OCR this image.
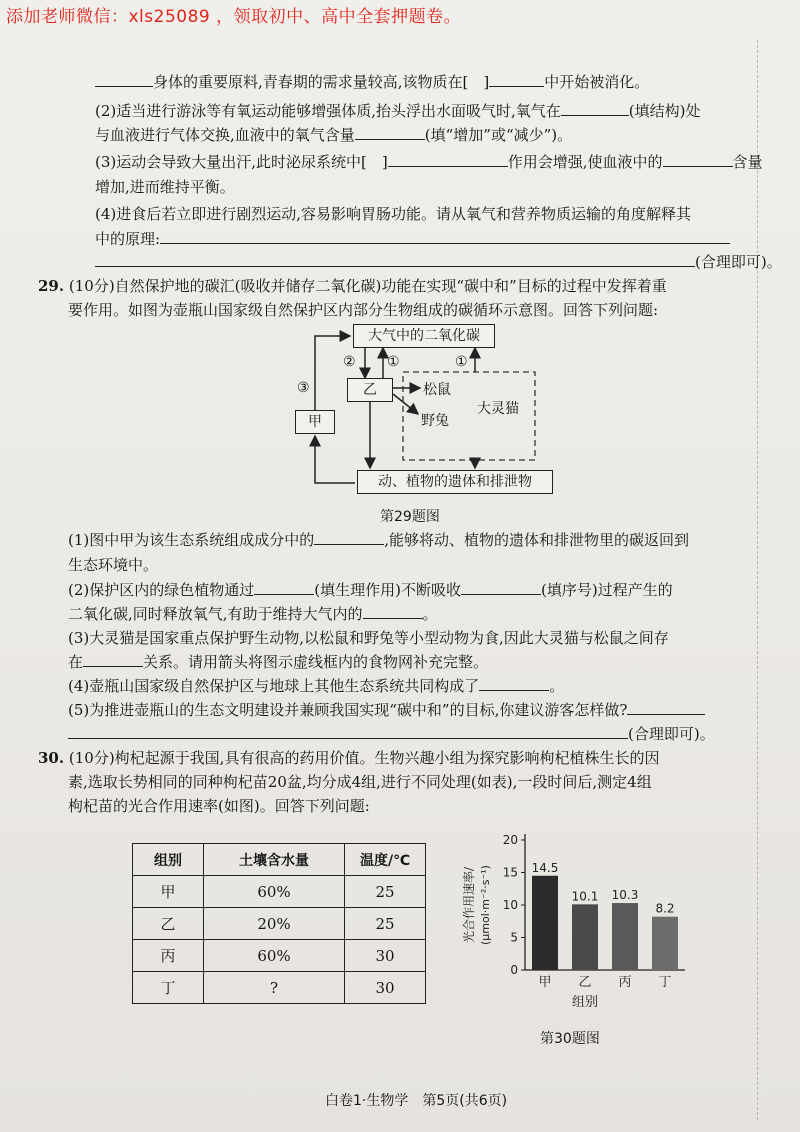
添加老师微信：xls25089 ，领取初中、高中全套押题卷。
身体的重要原料,青春期的需求量较高,该物质在[　]	中开始被消化。
(2)适当进行游泳等有氧运动能够增强体质,抬头浮出水面吸气时,氧气在	(填结构)处
与血液进行气体交换,血液中的氧气含量	(填“增加”或“减少”)。
(3)运动会导致大量出汗,此时泌尿系统中[　]	作用会增强,使血液中的	含量
增加,进而维持平衡。
(4)进食后若立即进行剧烈运动,容易影响胃肠功能。请从氧气和营养物质运输的角度解释其
中的原理:
(合理即可)。
29. (10分)自然保护地的碳汇(吸收并储存二氧化碳)功能在实现“碳中和”目标的过程中发挥着重
要作用。如图为壶瓶山国家级自然保护区内部分生物组成的碳循环示意图。回答下列问题:
大气中的二氧化碳
乙
甲
动、植物的遗体和排泄物
松鼠
野兔
大灵猫
② ①	①
③
第29题图
(1)图中甲为该生态系统组成成分中的	,能够将动、植物的遗体和排泄物里的碳返回到
生态环境中。
(2)保护区内的绿色植物通过	(填生理作用)不断吸收	(填序号)过程产生的
二氧化碳,同时释放氧气,有助于维持大气内的	。
(3)大灵猫是国家重点保护野生动物,以松鼠和野兔等小型动物为食,因此大灵猫与松鼠之间存
在	关系。请用箭头将图示虚线框内的食物网补充完整。
(4)壶瓶山国家级自然保护区与地球上其他生态系统共同构成了	。
(5)为推进壶瓶山的生态文明建设并兼顾我国实现“碳中和”的目标,你建议游客怎样做?
(合理即可)。
30. (10分)枸杞起源于我国,具有很高的药用价值。生物兴趣小组为探究影响枸杞植株生长的因
素,选取长势相同的同种枸杞苗20盆,均分成4组,进行不同处理(如表),一段时间后,测定4组
枸杞苗的光合作用速率(如图)。回答下列问题:
组别	土壤含水量	温度/℃
甲	60%	25
乙	20%	25
丙	60%	30
丁	?	30
0
5
10
15
20
14.5
甲
10.1
乙
10.3
丙
8.2
丁
组别
光合作用速率/ (μmol·m⁻²·s⁻¹)
第30题图
白卷1·生物学　第5页(共6页)
